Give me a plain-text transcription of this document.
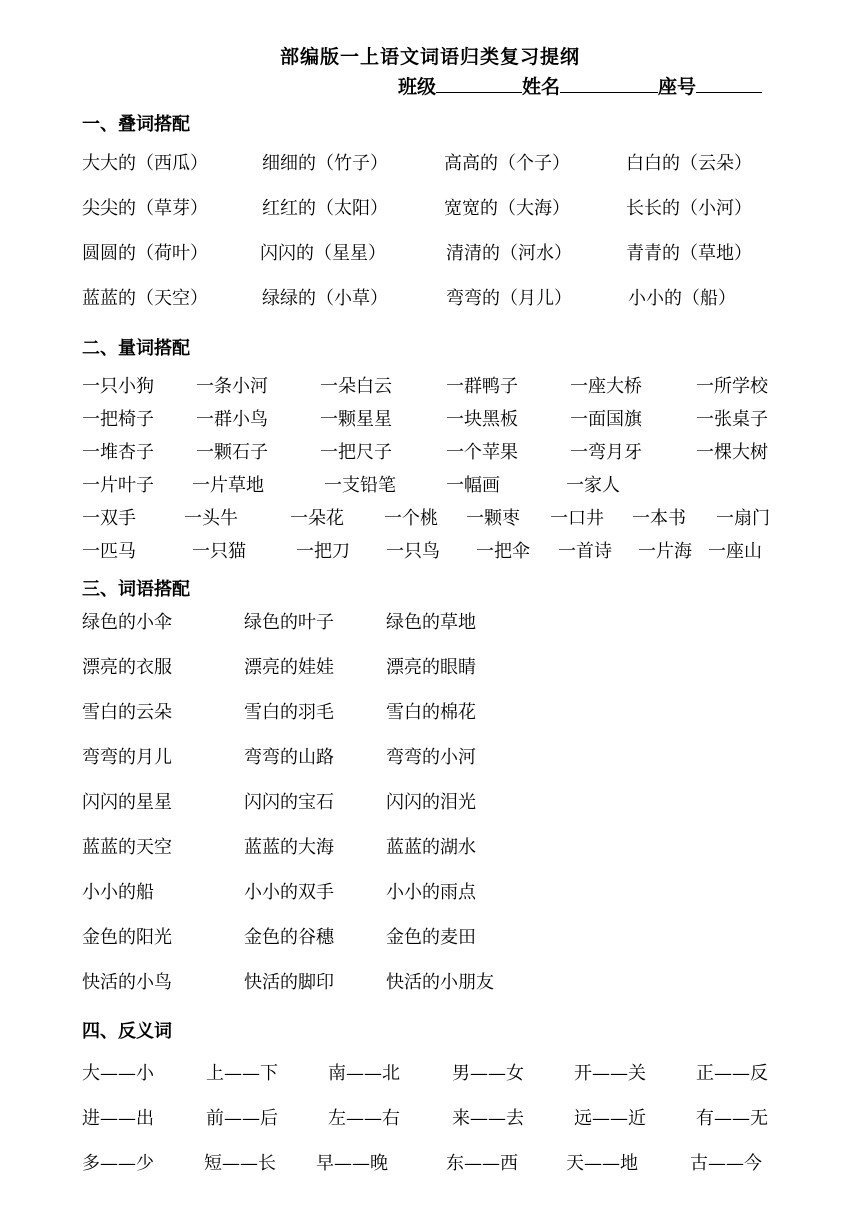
部编版一上语文词语归类复习提纲
班级	姓名	座号
一、叠词搭配
大大的（西瓜）	细细的（竹子）	高高的（个子）	白白的（云朵）
尖尖的（草芽）	红红的（太阳）	宽宽的（大海）	长长的（小河）
圆圆的（荷叶）	闪闪的（星星）	清清的（河水）	青青的（草地）
蓝蓝的（天空）	绿绿的（小草）	弯弯的（月儿）	小小的（船）
二、量词搭配
一只小狗 一条小河	一朵白云	一群鸭子	一座大桥	一所学校
一把椅子 一群小鸟	一颗星星	一块黑板	一面国旗	一张桌子
一堆杏子 一颗石子	一把尺子	一个苹果	一弯月牙	一棵大树
一片叶子 一片草地	一支铅笔	一幅画	一家人
一双手	一头牛	一朵花 一个桃 一颗枣 一口井 一本书 一扇门
一匹马	一只猫	一把刀 一只鸟 一把伞 一首诗 一片海 一座山
三、词语搭配
绿色的小伞	绿色的叶子	绿色的草地
漂亮的衣服	漂亮的娃娃	漂亮的眼睛
雪白的云朵	雪白的羽毛	雪白的棉花
弯弯的月儿	弯弯的山路	弯弯的小河
闪闪的星星	闪闪的宝石	闪闪的泪光
蓝蓝的天空	蓝蓝的大海	蓝蓝的湖水
小小的船	小小的双手	小小的雨点
金色的阳光	金色的谷穗	金色的麦田
快活的小鸟	快活的脚印	快活的小朋友
四、反义词
大——小	上——下	南——北	男——女	开——关	正——反
进——出	前——后	左——右	来——去	远——近	有——无
多——少	短——长 早——晚	东——西	天——地	古——今
